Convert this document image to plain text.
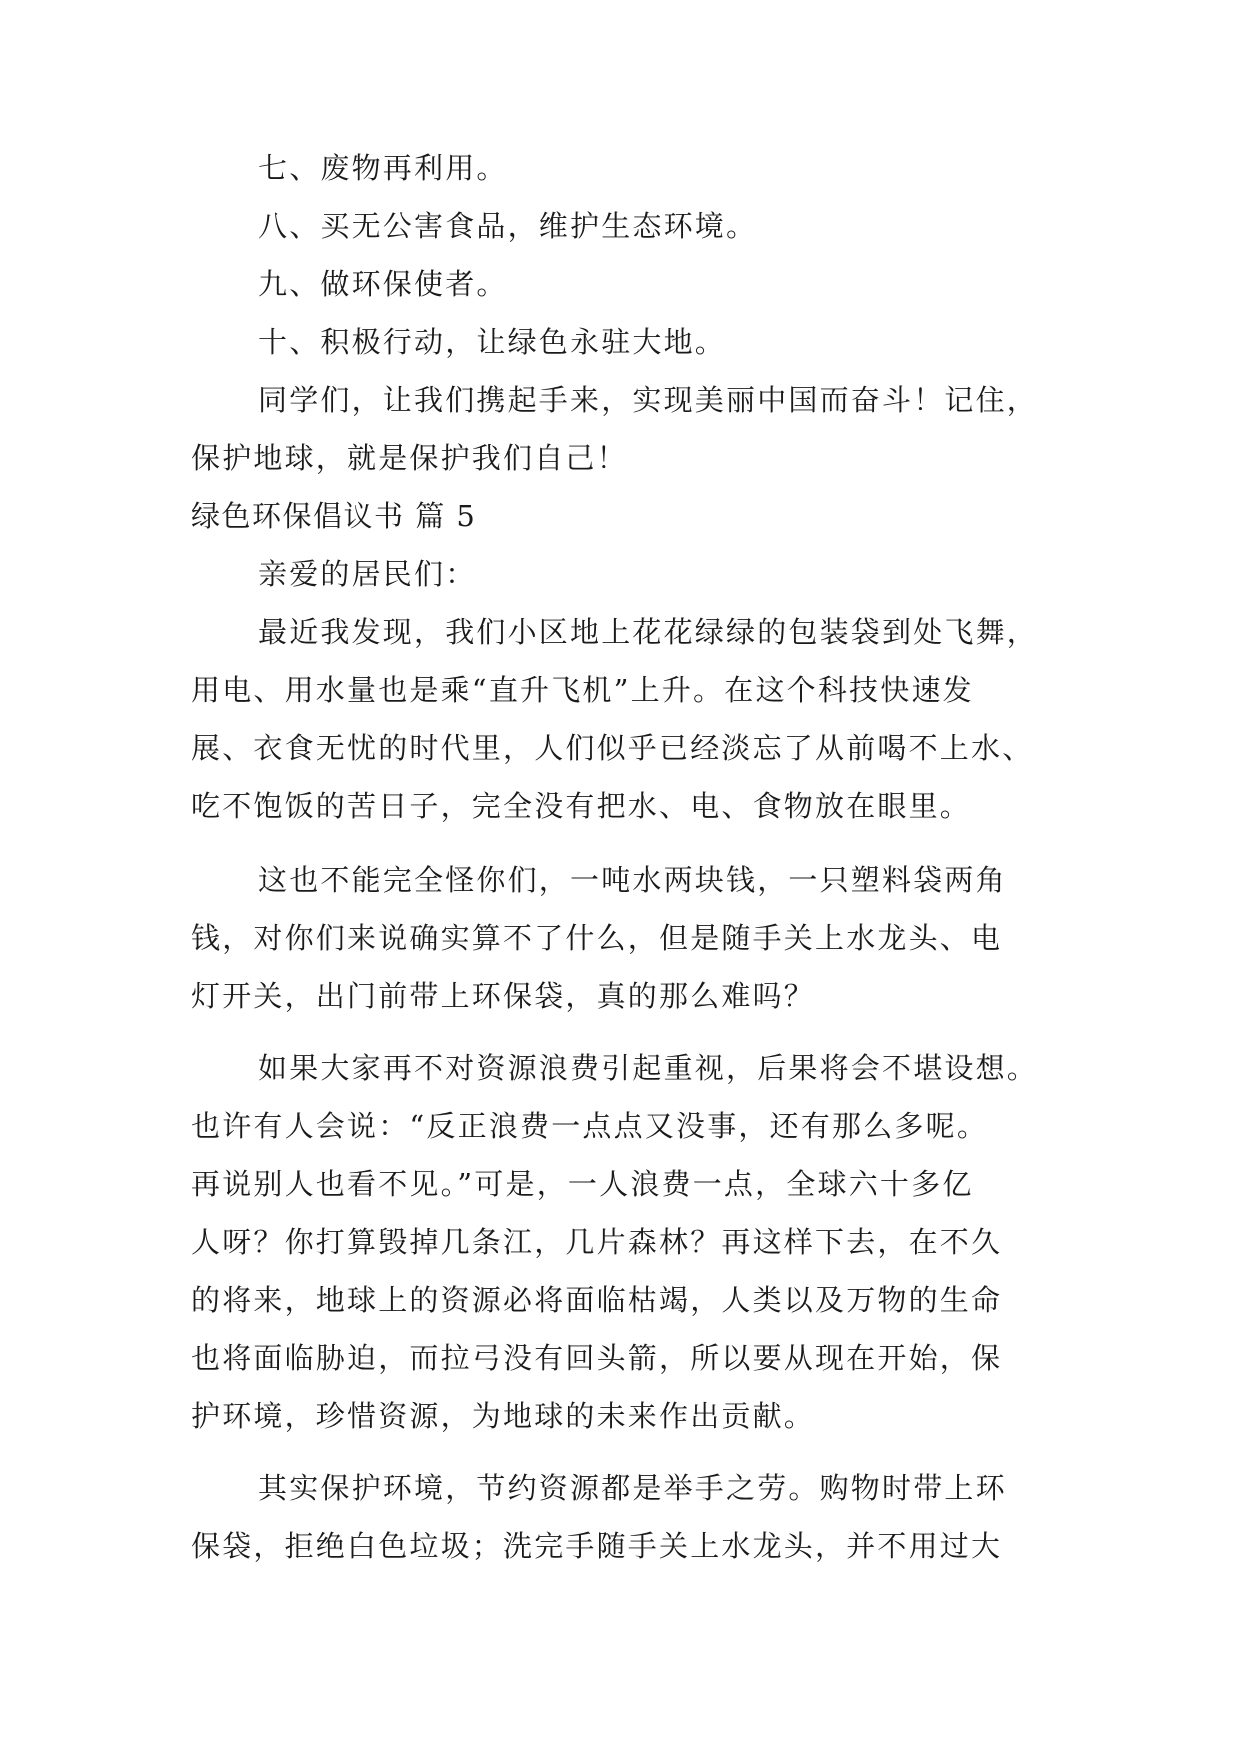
七、废物再利用。
八、买无公害食品，维护生态环境。
九、做环保使者。
十、积极行动，让绿色永驻大地。
同学们，让我们携起手来，实现美丽中国而奋斗！记住，
保护地球，就是保护我们自己！
绿色环保倡议书 篇 5
亲爱的居民们：
最近我发现，我们小区地上花花绿绿的包装袋到处飞舞，
用电、用水量也是乘“直升飞机”上升。在这个科技快速发
展、衣食无忧的时代里，人们似乎已经淡忘了从前喝不上水、
吃不饱饭的苦日子，完全没有把水、电、食物放在眼里。
这也不能完全怪你们，一吨水两块钱，一只塑料袋两角
钱，对你们来说确实算不了什么，但是随手关上水龙头、电
灯开关，出门前带上环保袋，真的那么难吗？
如果大家再不对资源浪费引起重视，后果将会不堪设想。
也许有人会说：“反正浪费一点点又没事，还有那么多呢。
再说别人也看不见。”可是，一人浪费一点，全球六十多亿
人呀？你打算毁掉几条江，几片森林？再这样下去，在不久
的将来，地球上的资源必将面临枯竭，人类以及万物的生命
也将面临胁迫，而拉弓没有回头箭，所以要从现在开始，保
护环境，珍惜资源，为地球的未来作出贡献。
其实保护环境，节约资源都是举手之劳。购物时带上环
保袋，拒绝白色垃圾；洗完手随手关上水龙头，并不用过大
